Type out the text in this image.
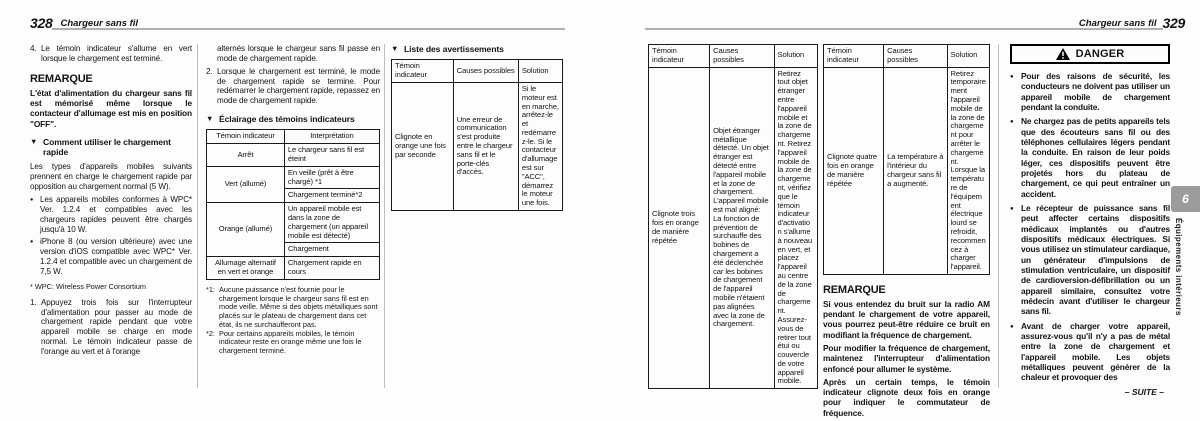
328 Chargeur sans fil	Chargeur sans fil 329
4. Le témoin indicateur s'allume en vert lorsque le chargement est terminé.
REMARQUE
L'état d'alimentation du chargeur sans fil est mémorisé même lorsque le contacteur d'allumage est mis en position "OFF".
▼ Comment utiliser le chargement rapide

Les types d'appareils mobiles suivants prennent en charge le chargement rapide par opposition au chargement normal (5 W).

● Les appareils mobiles conformes à WPC* Ver. 1.2.4 et compatibles avec les chargeurs rapides peuvent être chargés jusqu'à 10 W.
● iPhone 8 (ou version ultérieure) avec une version d'iOS compatible avec WPC* Ver. 1.2.4 et compatible avec un chargement de 7,5 W.
* WPC: Wireless Power Consortium
1. Appuyez trois fois sur l'interrupteur d'alimentation pour passer au mode de chargement rapide pendant que votre appareil mobile se charge en mode normal. Le témoin indicateur passe de l'orange au vert et à l'orange

alternés lorsque le chargeur sans fil passe en mode de chargement rapide.

2. Lorsque le chargement est terminé, le mode de chargement rapide se termine. Pour redémarrer le chargement rapide, repassez en mode de chargement rapide.
▼ Éclairage des témoins indicateurs
Témoin indicateur	Interprétation
Arrêt	Le chargeur sans fil est éteint
Vert (allumé)	En veille (prêt à être chargé) *1
	Chargement terminé*2
Orange (allumé)	Un appareil mobile est dans la zone de chargement (un appareil mobile est détecté)
	Chargement
Allumage alternatif en vert et orange	Chargement rapide en cours
*1: Aucune puissance n'est fournie pour le chargement lorsque le chargeur sans fil est en mode veille. Même si des objets métalliques sont placés sur le plateau de chargement dans cet état, ils ne surchaufferont pas.
*2: Pour certains appareils mobiles, le témoin indicateur reste en orange même une fois le chargement terminé.
▼ Liste des avertissements
Témoin indicateur	Causes possibles	Solution
Clignote en orange une fois par seconde	Une erreur de communication s'est produite entre le chargeur sans fil et le porte-clés d'accès.	Si le moteur est en marche, arrêtez-le et redémarrez-le. Si le contacteur d'allumage est sur "ACC", démarrez le moteur une fois.
Témoin indicateur	Causes possibles	Solution
Clignote trois fois en orange de manière répétée	Objet étranger métallique détecté. Un objet étranger est détecté entre l'appareil mobile et la zone de chargement. L'appareil mobile est mal aligné: La fonction de prévention de surchauffe des bobines de chargement a été déclenchée car les bobines de chargement de l'appareil mobile n'étaient pas alignées avec la zone de chargement.	Retirez tout objet étranger entre l'appareil mobile et la zone de chargement. Retirez l'appareil mobile de la zone de chargement, vérifiez que le témoin indicateur d'activation s'allume à nouveau en vert, et placez l'appareil au centre de la zone de chargement. Assurez-vous de retirer tout étui ou couvercle de votre appareil mobile.
Témoin indicateur	Causes possibles	Solution
Clignote quatre fois en orange de manière répétée	La température à l'intérieur du chargeur sans fil a augmenté.	Retirez temporairement l'appareil mobile de la zone de chargement pour arrêter le chargement. Lorsque la température de l'équipement électrique lourd se refroidit, recommencez à charger l'appareil.
REMARQUE
Si vous entendez du bruit sur la radio AM pendant le chargement de votre appareil, vous pourrez peut-être réduire ce bruit en modifiant la fréquence de chargement.
Pour modifier la fréquence de chargement, maintenez l'interrupteur d'alimentation enfoncé pour allumer le système.
Après un certain temps, le témoin indicateur clignote deux fois en orange pour indiquer le commutateur de fréquence.
DANGER
● Pour des raisons de sécurité, les conducteurs ne doivent pas utiliser un appareil mobile de chargement pendant la conduite.
● Ne chargez pas de petits appareils tels que des écouteurs sans fil ou des téléphones cellulaires légers pendant la conduite. En raison de leur poids léger, ces dispositifs peuvent être projetés hors du plateau de chargement, ce qui peut entraîner un accident.
● Le récepteur de puissance sans fil peut affecter certains dispositifs médicaux implantés ou d'autres dispositifs médicaux électriques. Si vous utilisez un stimulateur cardiaque, un générateur d'impulsions de stimulation ventriculaire, un dispositif de cardioversion-défibrillation ou un appareil similaire, consultez votre médecin avant d'utiliser le chargeur sans fil.
● Avant de charger votre appareil, assurez-vous qu'il n'y a pas de métal entre la zone de chargement et l'appareil mobile. Les objets métalliques peuvent générer de la chaleur et provoquer des
– SUITE –
6
Équipements intérieurs
